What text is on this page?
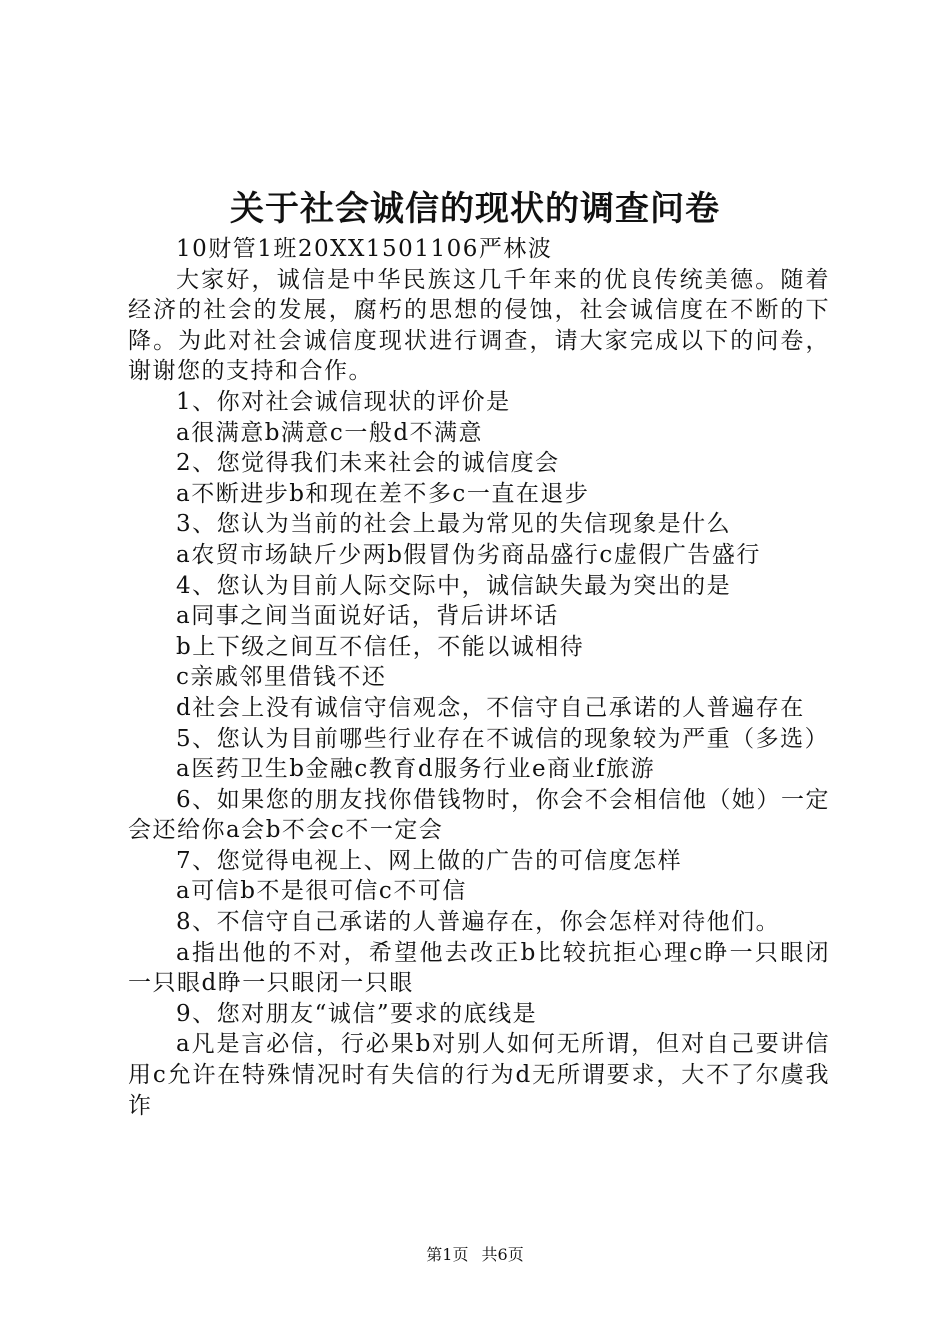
关于社会诚信的现状的调查问卷

10财管1班20XX1501106严林波

大家好，诚信是中华民族这几千年来的优良传统美德。随着经济的社会的发展，腐朽的思想的侵蚀，社会诚信度在不断的下降。为此对社会诚信度现状进行调查，请大家完成以下的问卷，谢谢您的支持和合作。

1、你对社会诚信现状的评价是

a很满意b满意c一般d不满意

2、您觉得我们未来社会的诚信度会

a不断进步b和现在差不多c一直在退步

3、您认为当前的社会上最为常见的失信现象是什么

a农贸市场缺斤少两b假冒伪劣商品盛行c虚假广告盛行

4、您认为目前人际交际中，诚信缺失最为突出的是

a同事之间当面说好话，背后讲坏话

b上下级之间互不信任，不能以诚相待

c亲戚邻里借钱不还

d社会上没有诚信守信观念，不信守自己承诺的人普遍存在

5、您认为目前哪些行业存在不诚信的现象较为严重（多选）

a医药卫生b金融c教育d服务行业e商业f旅游

6、如果您的朋友找你借钱物时，你会不会相信他（她）一定会还给你a会b不会c不一定会

7、您觉得电视上、网上做的广告的可信度怎样

a可信b不是很可信c不可信

8、不信守自己承诺的人普遍存在，你会怎样对待他们。

a指出他的不对，希望他去改正b比较抗拒心理c睁一只眼闭一只眼d睁一只眼闭一只眼

9、您对朋友“诚信”要求的底线是

a凡是言必信，行必果b对别人如何无所谓，但对自己要讲信用c允许在特殊情况时有失信的行为d无所谓要求，大不了尔虞我诈

第1页 共6页
